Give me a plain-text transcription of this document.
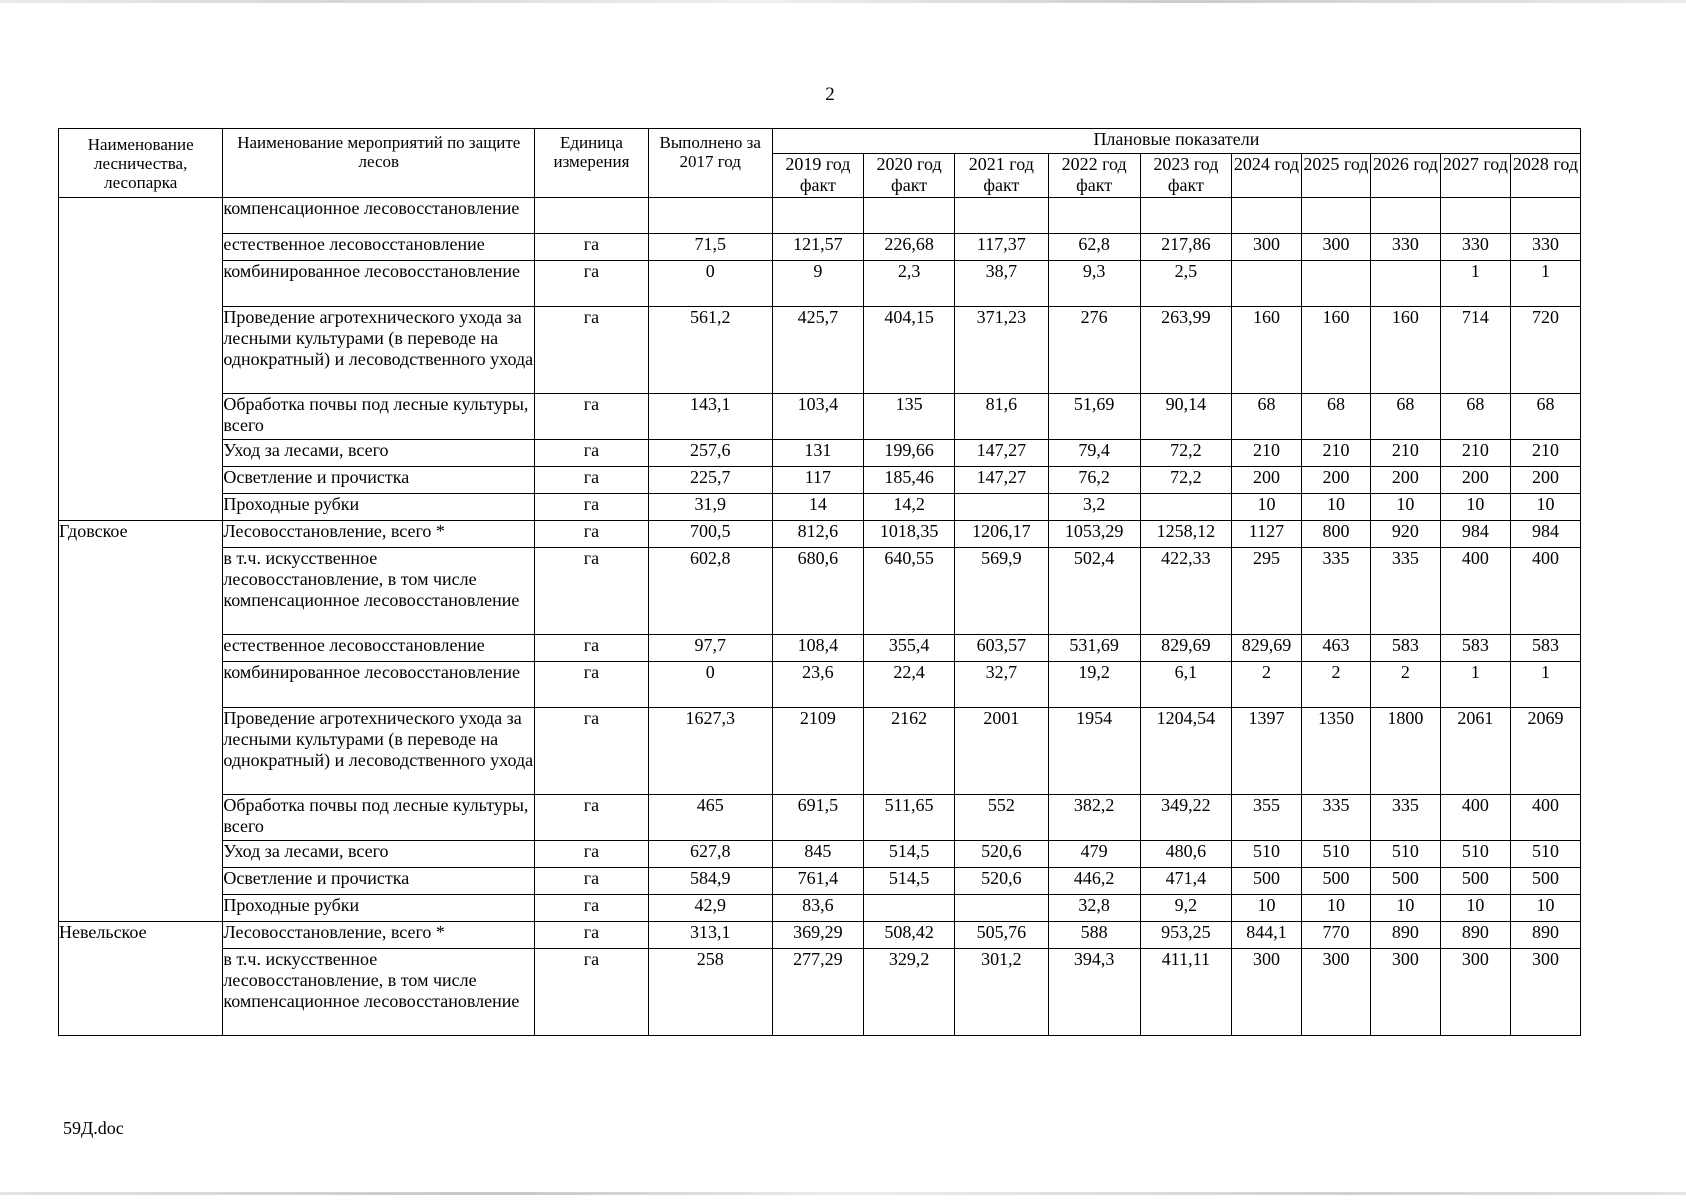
2
Наименование лесничества, лесопарка	Наименование мероприятий по защите лесов	Единица измерения	Выполнено за 2017 год	Плановые показатели									
				2019 год факт	2020 год факт	2021 год факт	2022 год факт	2023 год факт	2024 год	2025 год	2026 год	2027 год	2028 год
	компенсационное лесовосстановление												
	естественное лесовосстановление	га	71,5	121,57	226,68	117,37	62,8	217,86	300	300	330	330	330
	комбинированное лесовосстановление	га	0	9	2,3	38,7	9,3	2,5				1	1
	Проведение агротехнического ухода за лесными культурами (в переводе на однократный) и лесоводственного ухода	га	561,2	425,7	404,15	371,23	276	263,99	160	160	160	714	720
	Обработка почвы под лесные культуры, всего	га	143,1	103,4	135	81,6	51,69	90,14	68	68	68	68	68
	Уход за лесами, всего	га	257,6	131	199,66	147,27	79,4	72,2	210	210	210	210	210
	Осветление и прочистка	га	225,7	117	185,46	147,27	76,2	72,2	200	200	200	200	200
	Проходные рубки	га	31,9	14	14,2		3,2		10	10	10	10	10
Гдовское	Лесовосстановление, всего *	га	700,5	812,6	1018,35	1206,17	1053,29	1258,12	1127	800	920	984	984
	в т.ч. искусственное лесовосстановление, в том числе компенсационное лесовосстановление	га	602,8	680,6	640,55	569,9	502,4	422,33	295	335	335	400	400
	естественное лесовосстановление	га	97,7	108,4	355,4	603,57	531,69	829,69	829,69	463	583	583	583
	комбинированное лесовосстановление	га	0	23,6	22,4	32,7	19,2	6,1	2	2	2	1	1
	Проведение агротехнического ухода за лесными культурами (в переводе на однократный) и лесоводственного ухода	га	1627,3	2109	2162	2001	1954	1204,54	1397	1350	1800	2061	2069
	Обработка почвы под лесные культуры, всего	га	465	691,5	511,65	552	382,2	349,22	355	335	335	400	400
	Уход за лесами, всего	га	627,8	845	514,5	520,6	479	480,6	510	510	510	510	510
	Осветление и прочистка	га	584,9	761,4	514,5	520,6	446,2	471,4	500	500	500	500	500
	Проходные рубки	га	42,9	83,6			32,8	9,2	10	10	10	10	10
Невельское	Лесовосстановление, всего *	га	313,1	369,29	508,42	505,76	588	953,25	844,1	770	890	890	890
	в т.ч. искусственное лесовосстановление, в том числе компенсационное лесовосстановление	га	258	277,29	329,2	301,2	394,3	411,11	300	300	300	300	300
59Д.doc
